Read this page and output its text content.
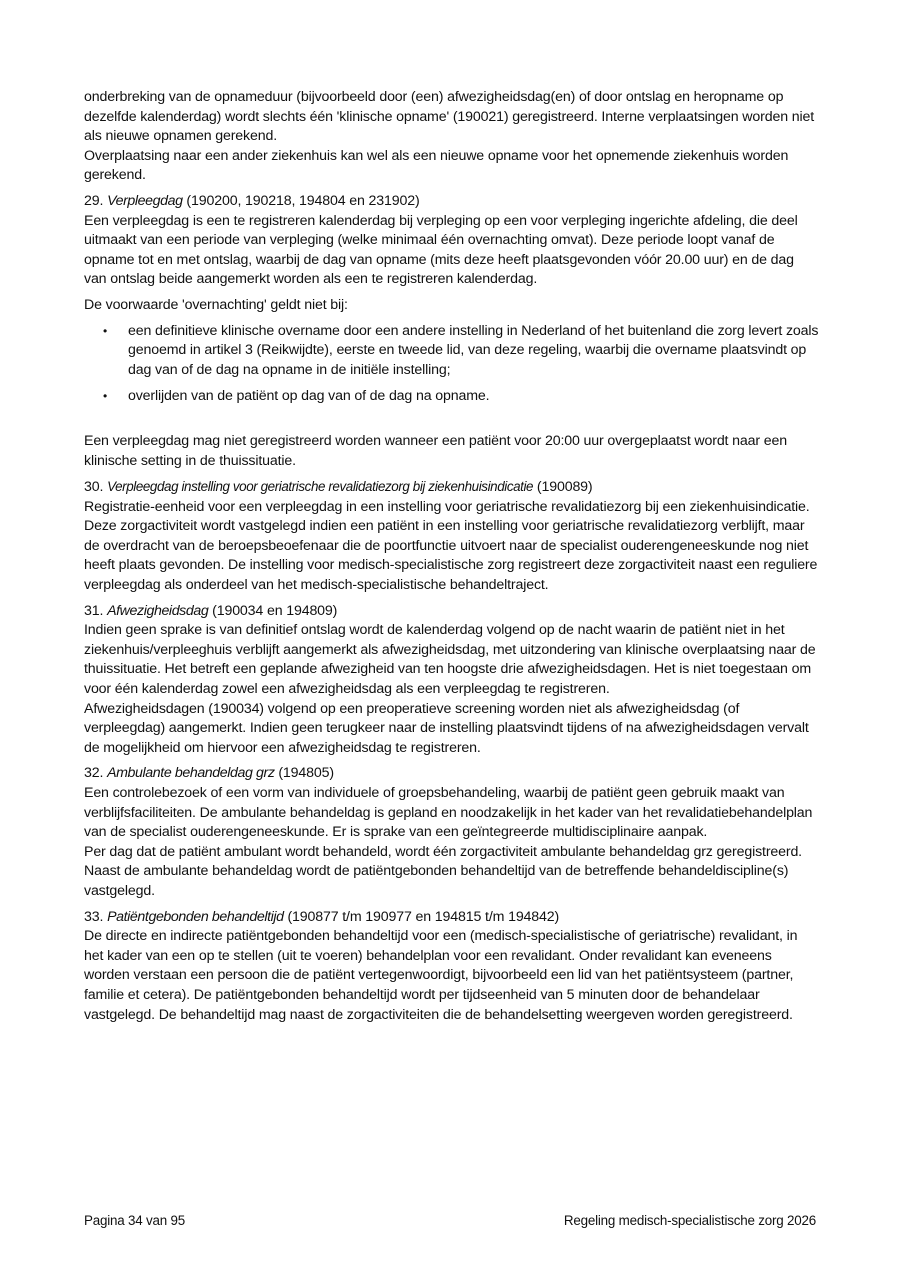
onderbreking van de opnameduur (bijvoorbeeld door (een) afwezigheidsdag(en) of door ontslag en heropname op dezelfde kalenderdag) wordt slechts één 'klinische opname' (190021) geregistreerd. Interne verplaatsingen worden niet als nieuwe opnamen gerekend.

Overplaatsing naar een ander ziekenhuis kan wel als een nieuwe opname voor het opnemende ziekenhuis worden gerekend.

29. Verpleegdag (190200, 190218, 194804 en 231902)

Een verpleegdag is een te registreren kalenderdag bij verpleging op een voor verpleging ingerichte afdeling, die deel uitmaakt van een periode van verpleging (welke minimaal één overnachting omvat). Deze periode loopt vanaf de opname tot en met ontslag, waarbij de dag van opname (mits deze heeft plaatsgevonden vóór 20.00 uur) en de dag van ontslag beide aangemerkt worden als een te registreren kalenderdag.

De voorwaarde 'overnachting' geldt niet bij:

• een definitieve klinische overname door een andere instelling in Nederland of het buitenland die zorg levert zoals genoemd in artikel 3 (Reikwijdte), eerste en tweede lid, van deze regeling, waarbij die overname plaatsvindt op dag van of de dag na opname in de initiële instelling;
• overlijden van de patiënt op dag van of de dag na opname.

Een verpleegdag mag niet geregistreerd worden wanneer een patiënt voor 20:00 uur overgeplaatst wordt naar een klinische setting in de thuissituatie.

30. Verpleegdag instelling voor geriatrische revalidatiezorg bij ziekenhuisindicatie (190089)

Registratie-eenheid voor een verpleegdag in een instelling voor geriatrische revalidatiezorg bij een ziekenhuisindicatie. Deze zorgactiviteit wordt vastgelegd indien een patiënt in een instelling voor geriatrische revalidatiezorg verblijft, maar de overdracht van de beroepsbeoefenaar die de poortfunctie uitvoert naar de specialist ouderengeneeskunde nog niet heeft plaats gevonden. De instelling voor medisch-specialistische zorg registreert deze zorgactiviteit naast een reguliere verpleegdag als onderdeel van het medisch-specialistische behandeltraject.

31. Afwezigheidsdag (190034 en 194809)

Indien geen sprake is van definitief ontslag wordt de kalenderdag volgend op de nacht waarin de patiënt niet in het ziekenhuis/verpleeghuis verblijft aangemerkt als afwezigheidsdag, met uitzondering van klinische overplaatsing naar de thuissituatie. Het betreft een geplande afwezigheid van ten hoogste drie afwezigheidsdagen. Het is niet toegestaan om voor één kalenderdag zowel een afwezigheidsdag als een verpleegdag te registreren.

Afwezigheidsdagen (190034) volgend op een preoperatieve screening worden niet als afwezigheidsdag (of verpleegdag) aangemerkt. Indien geen terugkeer naar de instelling plaatsvindt tijdens of na afwezigheidsdagen vervalt de mogelijkheid om hiervoor een afwezigheidsdag te registreren.

32. Ambulante behandeldag grz (194805)

Een controlebezoek of een vorm van individuele of groepsbehandeling, waarbij de patiënt geen gebruik maakt van verblijfsfaciliteiten. De ambulante behandeldag is gepland en noodzakelijk in het kader van het revalidatiebehandelplan van de specialist ouderengeneeskunde. Er is sprake van een geïntegreerde multidisciplinaire aanpak.

Per dag dat de patiënt ambulant wordt behandeld, wordt één zorgactiviteit ambulante behandeldag grz geregistreerd. Naast de ambulante behandeldag wordt de patiëntgebonden behandeltijd van de betreffende behandeldiscipline(s) vastgelegd.

33. Patiëntgebonden behandeltijd (190877 t/m 190977 en 194815 t/m 194842)

De directe en indirecte patiëntgebonden behandeltijd voor een (medisch-specialistische of geriatrische) revalidant, in het kader van een op te stellen (uit te voeren) behandelplan voor een revalidant. Onder revalidant kan eveneens worden verstaan een persoon die de patiënt vertegenwoordigt, bijvoorbeeld een lid van het patiëntsysteem (partner, familie et cetera). De patiëntgebonden behandeltijd wordt per tijdseenheid van 5 minuten door de behandelaar vastgelegd. De behandeltijd mag naast de zorgactiviteiten die de behandelsetting weergeven worden geregistreerd.

Pagina 34 van 95	Regeling medisch-specialistische zorg 2026
